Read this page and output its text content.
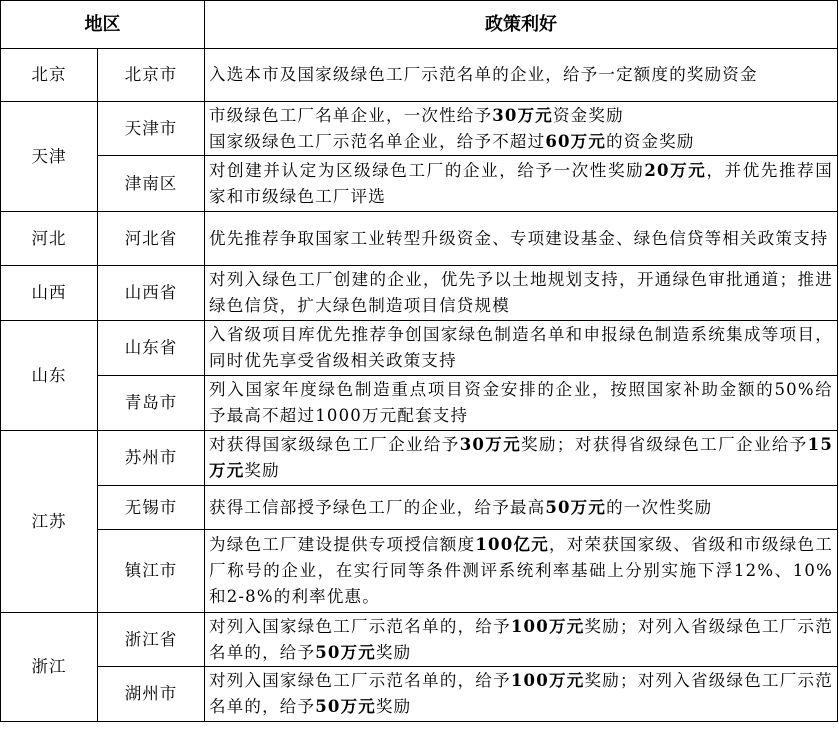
地区		政策利好
北京	北京市	入选本市及国家级绿色工厂示范名单的企业，给予一定额度的奖励资金
天津	天津市	市级绿色工厂名单企业，一次性给予30万元资金奖励
国家级绿色工厂示范名单企业，给予不超过60万元的资金奖励
	津南区	对创建并认定为区级绿色工厂的企业，给予一次性奖励20万元，并优先推荐国家和市级绿色工厂评选
河北	河北省	优先推荐争取国家工业转型升级资金、专项建设基金、绿色信贷等相关政策支持
山西	山西省	对列入绿色工厂创建的企业，优先予以土地规划支持，开通绿色审批通道；推进绿色信贷，扩大绿色制造项目信贷规模
山东	山东省	入省级项目库优先推荐争创国家绿色制造名单和申报绿色制造系统集成等项目，同时优先享受省级相关政策支持
	青岛市	列入国家年度绿色制造重点项目资金安排的企业，按照国家补助金额的50%给予最高不超过1000万元配套支持
江苏	苏州市	对获得国家级绿色工厂企业给予30万元奖励；对获得省级绿色工厂企业给予15万元奖励
	无锡市	获得工信部授予绿色工厂的企业，给予最高50万元的一次性奖励
	镇江市	为绿色工厂建设提供专项授信额度100亿元，对荣获国家级、省级和市级绿色工厂称号的企业，在实行同等条件测评系统利率基础上分别实施下浮12%、10%和2-8%的利率优惠。
浙江	浙江省	对列入国家绿色工厂示范名单的，给予100万元奖励；对列入省级绿色工厂示范名单的，给予50万元奖励
	湖州市	对列入国家绿色工厂示范名单的，给予100万元奖励；对列入省级绿色工厂示范名单的，给予50万元奖励
